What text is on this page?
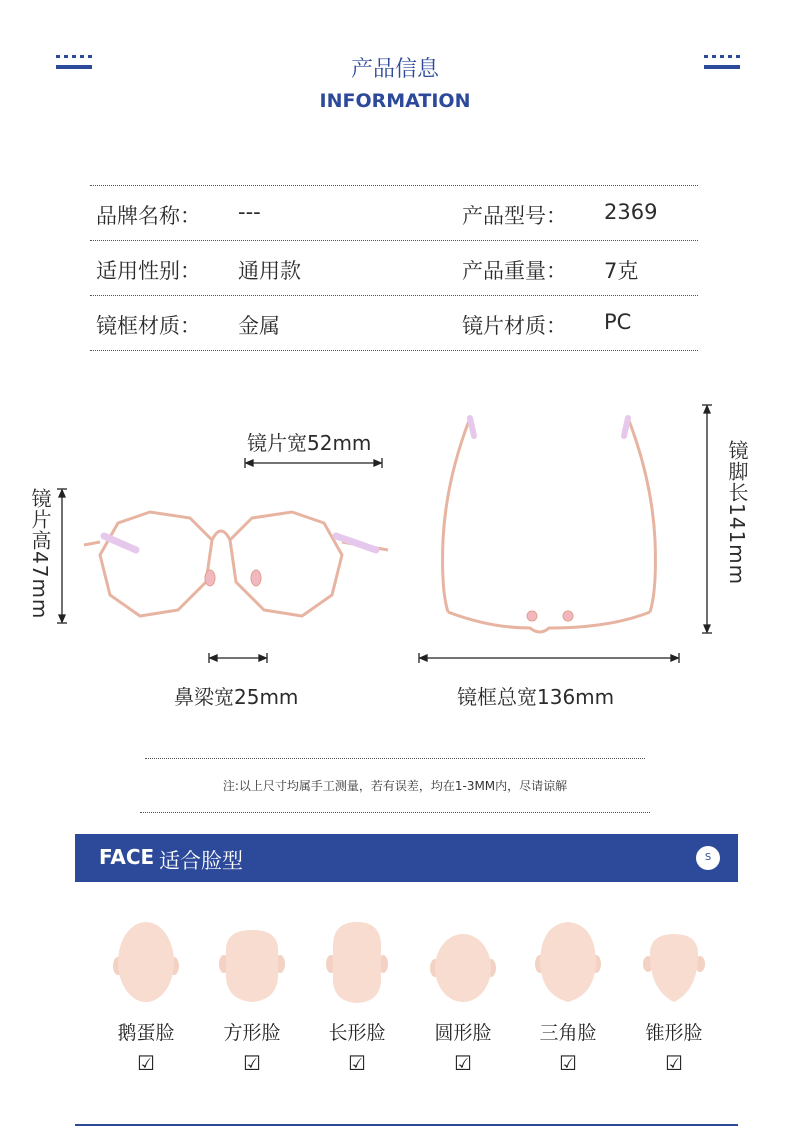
产品信息
INFORMATION
品牌名称： ---	产品型号： 2369
适用性别： 通用款	产品重量： 7克
镜框材质： 金属	镜片材质： PC
镜片宽52mm
镜片高47mm
鼻梁宽25mm	镜框总宽136mm
镜脚长141mm
注:以上尺寸均属手工测量，若有误差，均在1-3MM内，尽请谅解
FACE 适合脸型	S
鹅蛋脸
☑
方形脸
☑
长形脸
☑
圆形脸
☑
三角脸
☑
锥形脸
☑
